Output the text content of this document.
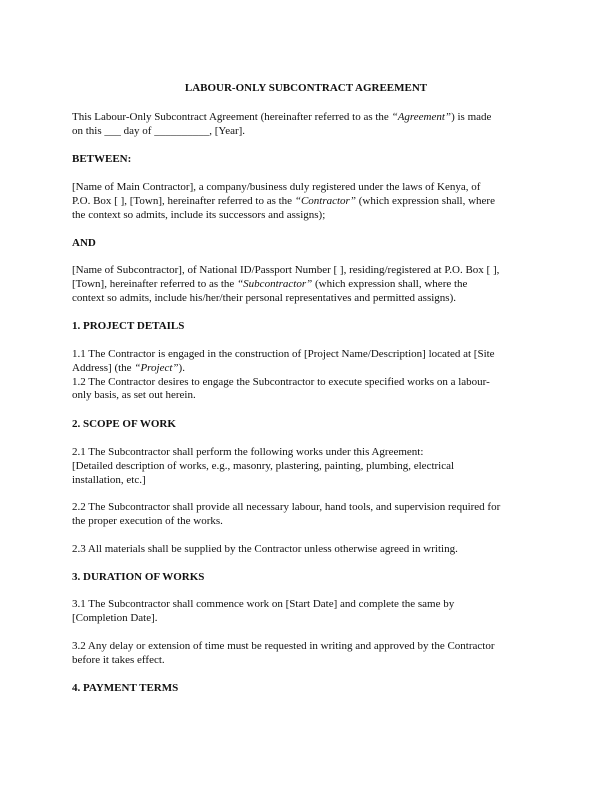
LABOUR-ONLY SUBCONTRACT AGREEMENT
This Labour-Only Subcontract Agreement (hereinafter referred to as the “Agreement”) is made
on this ___ day of __________, [Year].
BETWEEN:
[Name of Main Contractor], a company/business duly registered under the laws of Kenya, of
P.O. Box [ ], [Town], hereinafter referred to as the “Contractor” (which expression shall, where
the context so admits, include its successors and assigns);
AND
[Name of Subcontractor], of National ID/Passport Number [ ], residing/registered at P.O. Box [ ],
[Town], hereinafter referred to as the “Subcontractor” (which expression shall, where the
context so admits, include his/her/their personal representatives and permitted assigns).
1. PROJECT DETAILS
1.1 The Contractor is engaged in the construction of [Project Name/Description] located at [Site
Address] (the “Project”).
1.2 The Contractor desires to engage the Subcontractor to execute specified works on a labour-
only basis, as set out herein.
2. SCOPE OF WORK
2.1 The Subcontractor shall perform the following works under this Agreement:
[Detailed description of works, e.g., masonry, plastering, painting, plumbing, electrical
installation, etc.]
2.2 The Subcontractor shall provide all necessary labour, hand tools, and supervision required for
the proper execution of the works.
2.3 All materials shall be supplied by the Contractor unless otherwise agreed in writing.
3. DURATION OF WORKS
3.1 The Subcontractor shall commence work on [Start Date] and complete the same by
[Completion Date].
3.2 Any delay or extension of time must be requested in writing and approved by the Contractor
before it takes effect.
4. PAYMENT TERMS
